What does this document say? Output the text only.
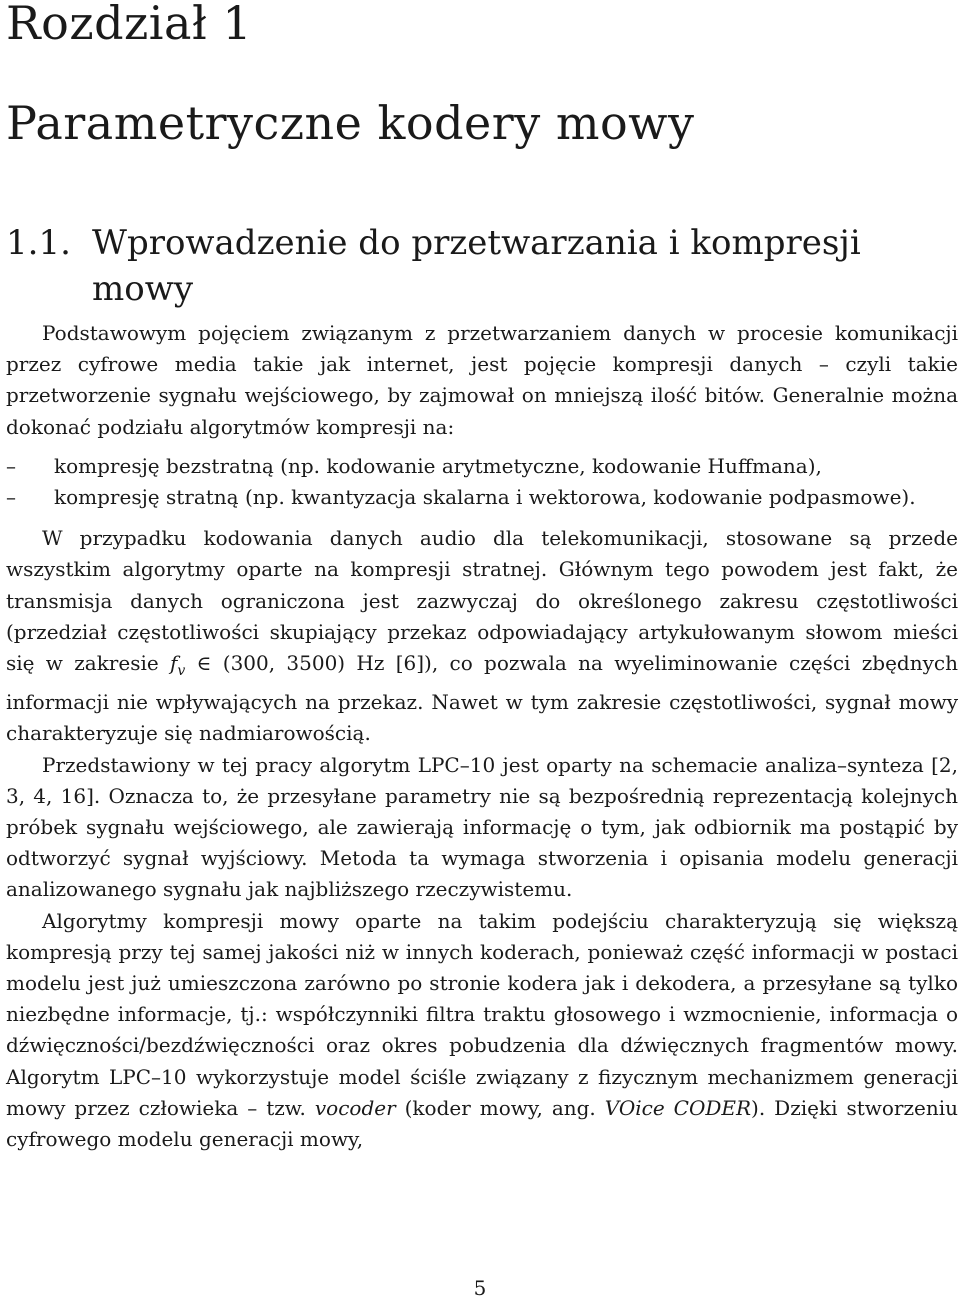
Rozdział 1
Parametryczne kodery mowy
1.1. Wprowadzenie do przetwarzania i kompresji
mowy

Podstawowym pojęciem związanym z przetwarzaniem danych w procesie komunikacji przez cyfrowe media takie jak internet, jest pojęcie kompresji danych – czyli takie przetworzenie sygnału wejściowego, by zajmował on mniejszą ilość bitów. Generalnie można dokonać podziału algorytmów kompresji na:

– kompresję bezstratną (np. kodowanie arytmetyczne, kodowanie Huffmana),
– kompresję stratną (np. kwantyzacja skalarna i wektorowa, kodowanie podpasmowe).

W przypadku kodowania danych audio dla telekomunikacji, stosowane są przede wszystkim algorytmy oparte na kompresji stratnej. Głównym tego powodem jest fakt, że transmisja danych ograniczona jest zazwyczaj do określonego zakresu częstotliwości (przedział częstotliwości skupiający przekaz odpowiadający artykułowanym słowom mieści się w zakresie $f_v$ ∈ (300, 3500) Hz [6]), co pozwala na wyeliminowanie części zbędnych informacji nie wpływających na przekaz. Nawet w tym zakresie częstotliwości, sygnał mowy charakteryzuje się nadmiarowością.

Przedstawiony w tej pracy algorytm LPC–10 jest oparty na schemacie analiza–synteza [2, 3, 4, 16]. Oznacza to, że przesyłane parametry nie są bezpośrednią reprezentacją kolejnych próbek sygnału wejściowego, ale zawierają informację o tym, jak odbiornik ma postąpić by odtworzyć sygnał wyjściowy. Metoda ta wymaga stworzenia i opisania modelu generacji analizowanego sygnału jak najbliższego rzeczywistemu.

Algorytmy kompresji mowy oparte na takim podejściu charakteryzują się większą kompresją przy tej samej jakości niż w innych koderach, ponieważ część informacji w postaci modelu jest już umieszczona zarówno po stronie kodera jak i dekodera, a przesyłane są tylko niezbędne informacje, tj.: współczynniki filtra traktu głosowego i wzmocnienie, informacja o dźwięczności/bezdźwięczności oraz okres pobudzenia dla dźwięcznych fragmentów mowy. Algorytm LPC–10 wykorzystuje model ściśle związany z fizycznym mechanizmem generacji mowy przez człowieka – tzw. vocoder (koder mowy, ang. VOice CODER). Dzięki stworzeniu cyfrowego modelu generacji mowy,

5
